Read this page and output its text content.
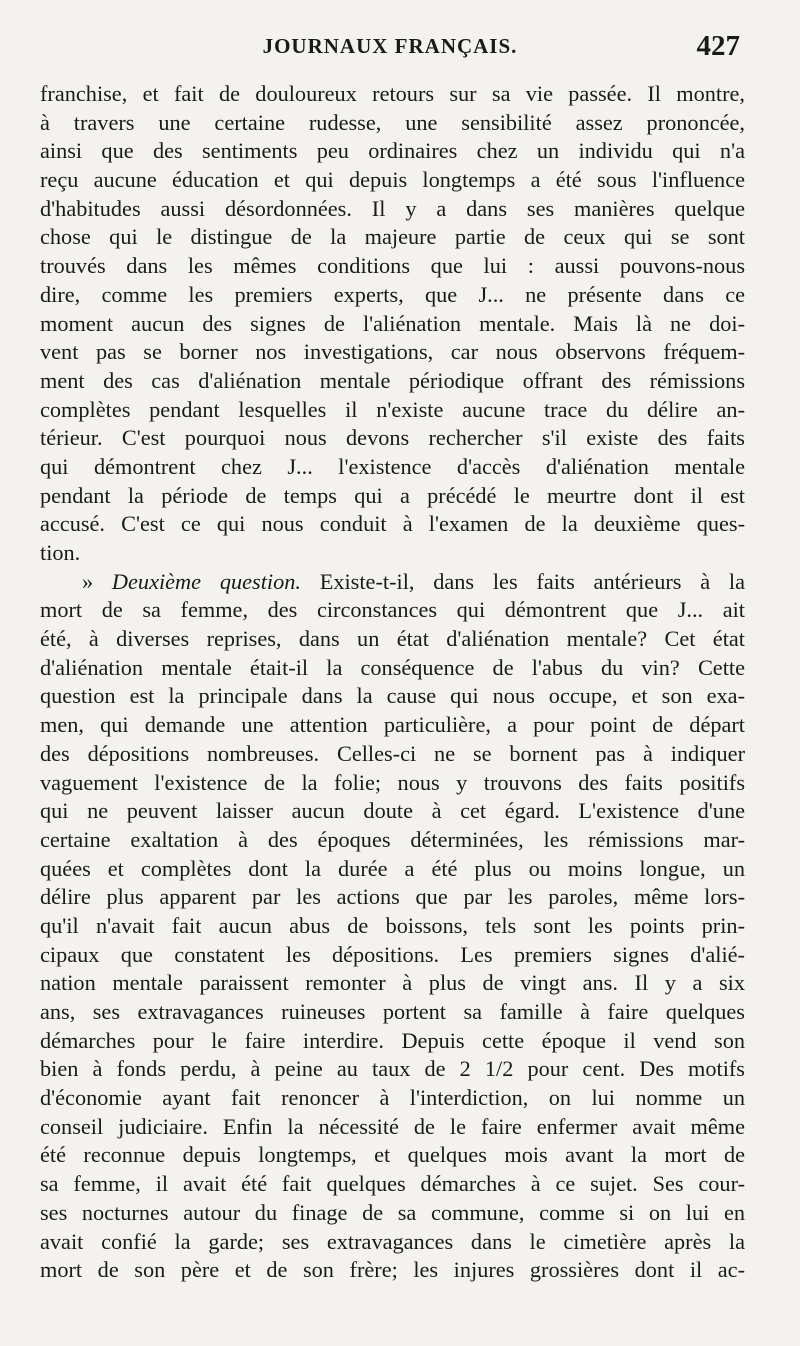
JOURNAUX FRANÇAIS.	427
franchise, et fait de douloureux retours sur sa vie passée. Il montre,
à travers une certaine rudesse, une sensibilité assez prononcée,
ainsi que des sentiments peu ordinaires chez un individu qui n'a
reçu aucune éducation et qui depuis longtemps a été sous l'influence
d'habitudes aussi désordonnées. Il y a dans ses manières quelque
chose qui le distingue de la majeure partie de ceux qui se sont
trouvés dans les mêmes conditions que lui : aussi pouvons-nous
dire, comme les premiers experts, que J... ne présente dans ce
moment aucun des signes de l'aliénation mentale. Mais là ne doi-
vent pas se borner nos investigations, car nous observons fréquem-
ment des cas d'aliénation mentale périodique offrant des rémissions
complètes pendant lesquelles il n'existe aucune trace du délire an-
térieur. C'est pourquoi nous devons rechercher s'il existe des faits
qui démontrent chez J... l'existence d'accès d'aliénation mentale
pendant la période de temps qui a précédé le meurtre dont il est
accusé. C'est ce qui nous conduit à l'examen de la deuxième ques-
tion.
» Deuxième question. Existe-t-il, dans les faits antérieurs à la
mort de sa femme, des circonstances qui démontrent que J... ait
été, à diverses reprises, dans un état d'aliénation mentale? Cet état
d'aliénation mentale était-il la conséquence de l'abus du vin? Cette
question est la principale dans la cause qui nous occupe, et son exa-
men, qui demande une attention particulière, a pour point de départ
des dépositions nombreuses. Celles-ci ne se bornent pas à indiquer
vaguement l'existence de la folie; nous y trouvons des faits positifs
qui ne peuvent laisser aucun doute à cet égard. L'existence d'une
certaine exaltation à des époques déterminées, les rémissions mar-
quées et complètes dont la durée a été plus ou moins longue, un
délire plus apparent par les actions que par les paroles, même lors-
qu'il n'avait fait aucun abus de boissons, tels sont les points prin-
cipaux que constatent les dépositions. Les premiers signes d'alié-
nation mentale paraissent remonter à plus de vingt ans. Il y a six
ans, ses extravagances ruineuses portent sa famille à faire quelques
démarches pour le faire interdire. Depuis cette époque il vend son
bien à fonds perdu, à peine au taux de 2 1/2 pour cent. Des motifs
d'économie ayant fait renoncer à l'interdiction, on lui nomme un
conseil judiciaire. Enfin la nécessité de le faire enfermer avait même
été reconnue depuis longtemps, et quelques mois avant la mort de
sa femme, il avait été fait quelques démarches à ce sujet. Ses cour-
ses nocturnes autour du finage de sa commune, comme si on lui en
avait confié la garde; ses extravagances dans le cimetière après la
mort de son père et de son frère; les injures grossières dont il ac-
